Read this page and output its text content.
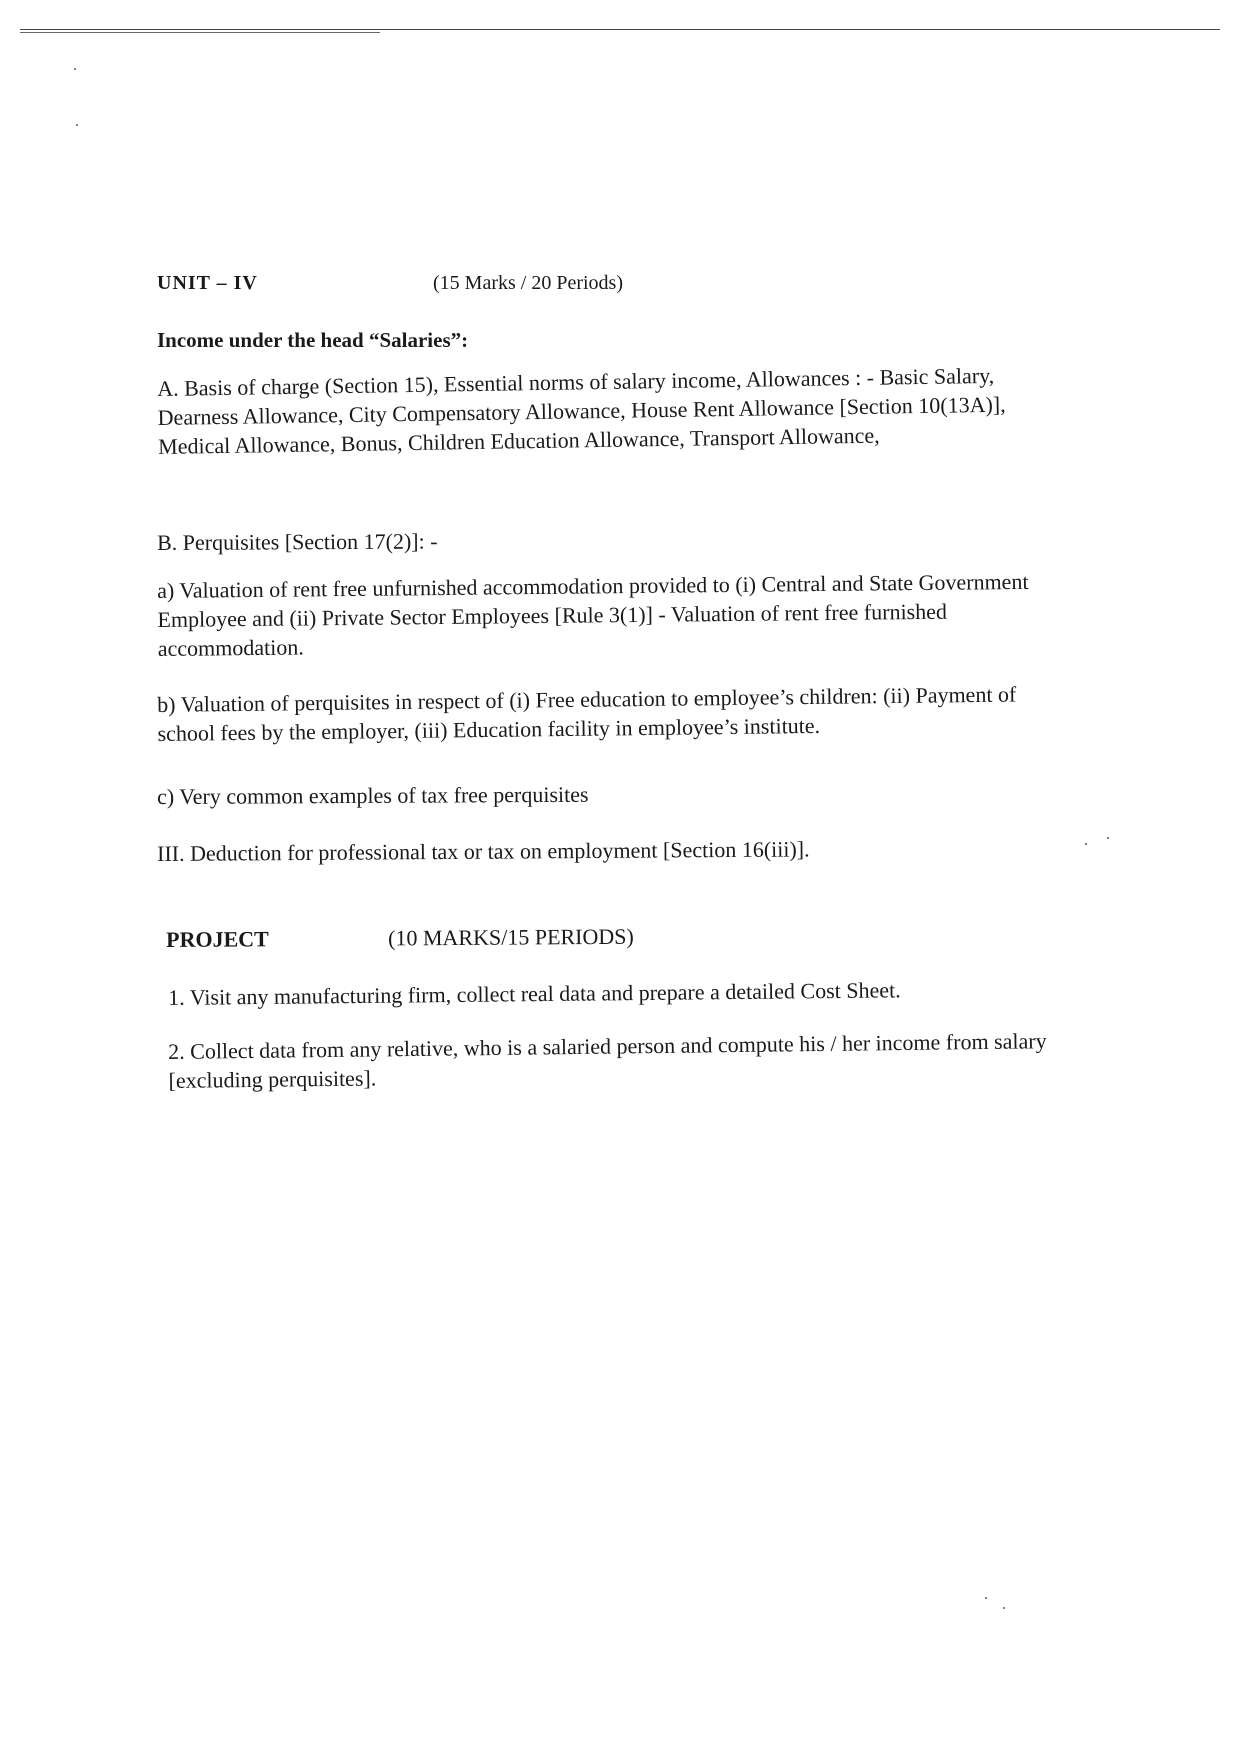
UNIT – IV	(15 Marks / 20 Periods)
Income under the head “Salaries”:
A. Basis of charge (Section 15), Essential norms of salary income, Allowances : - Basic Salary, Dearness Allowance, City Compensatory Allowance, House Rent Allowance [Section 10(13A)], Medical Allowance, Bonus, Children Education Allowance, Transport Allowance,
B. Perquisites [Section 17(2)]: -
a) Valuation of rent free unfurnished accommodation provided to (i) Central and State Government Employee and (ii) Private Sector Employees [Rule 3(1)] - Valuation of rent free furnished accommodation.
b) Valuation of perquisites in respect of (i) Free education to employee’s children: (ii) Payment of school fees by the employer, (iii) Education facility in employee’s institute.
c) Very common examples of tax free perquisites
III. Deduction for professional tax or tax on employment [Section 16(iii)].
PROJECT	(10 MARKS/15 PERIODS)
1. Visit any manufacturing firm, collect real data and prepare a detailed Cost Sheet.
2. Collect data from any relative, who is a salaried person and compute his / her income from salary [excluding perquisites].
